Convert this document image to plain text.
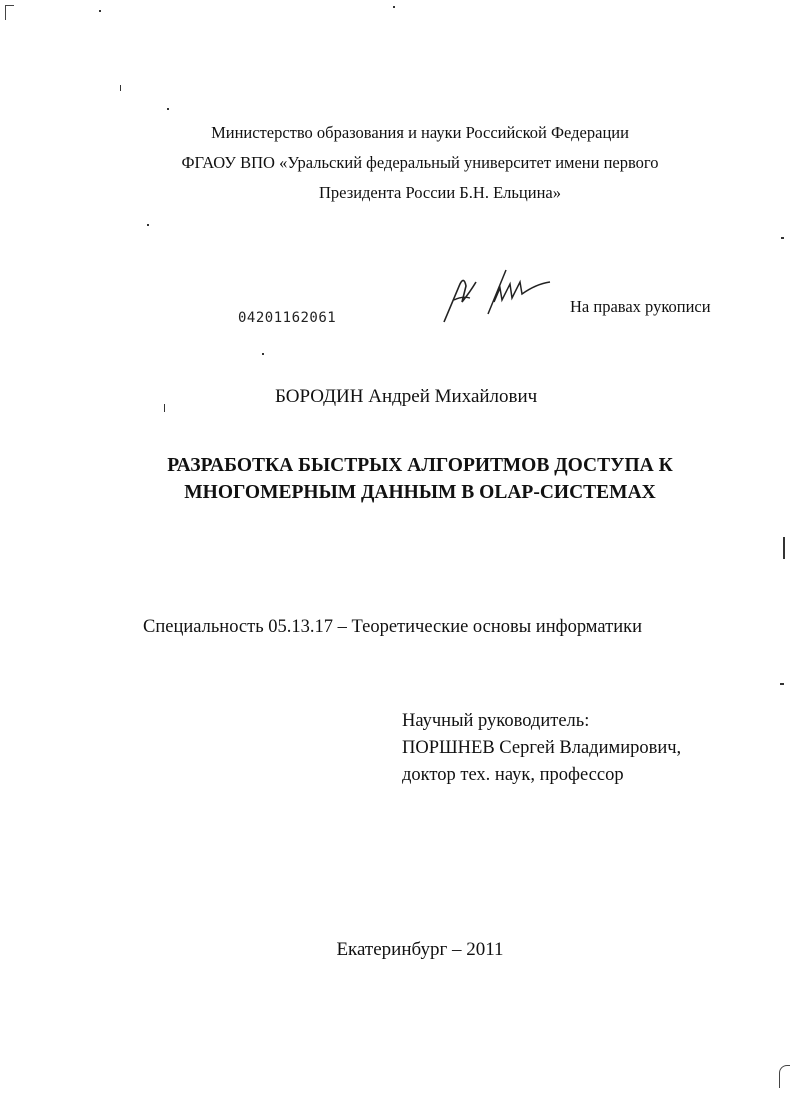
Министерство образования и науки Российской Федерации
ФГАОУ ВПО «Уральский федеральный университет имени первого
Президента России Б.Н. Ельцина»
04201162061
На правах рукописи
БОРОДИН Андрей Михайлович
РАЗРАБОТКА БЫСТРЫХ АЛГОРИТМОВ ДОСТУПА К
МНОГОМЕРНЫМ ДАННЫМ В OLAP-СИСТЕМАХ
Специальность 05.13.17 – Теоретические основы информатики
Научный руководитель:
ПОРШНЕВ Сергей Владимирович,
доктор тех. наук, профессор
Екатеринбург – 2011
